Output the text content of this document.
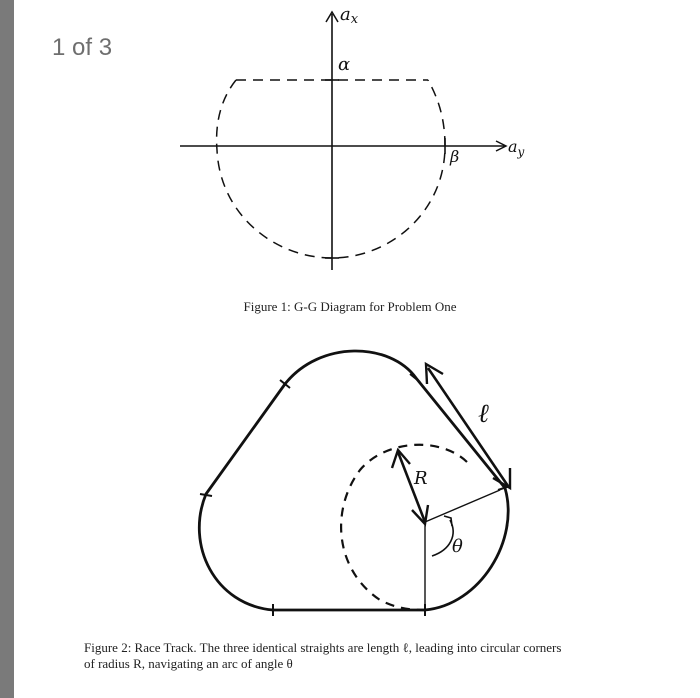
1 of 3
ax
$a_y$
α
β
ℓ
R
θ
Figure 1: G-G Diagram for Problem One
Figure 2: Race Track. The three identical straights are length ℓ, leading into circular corners
of radius R, navigating an arc of angle θ
